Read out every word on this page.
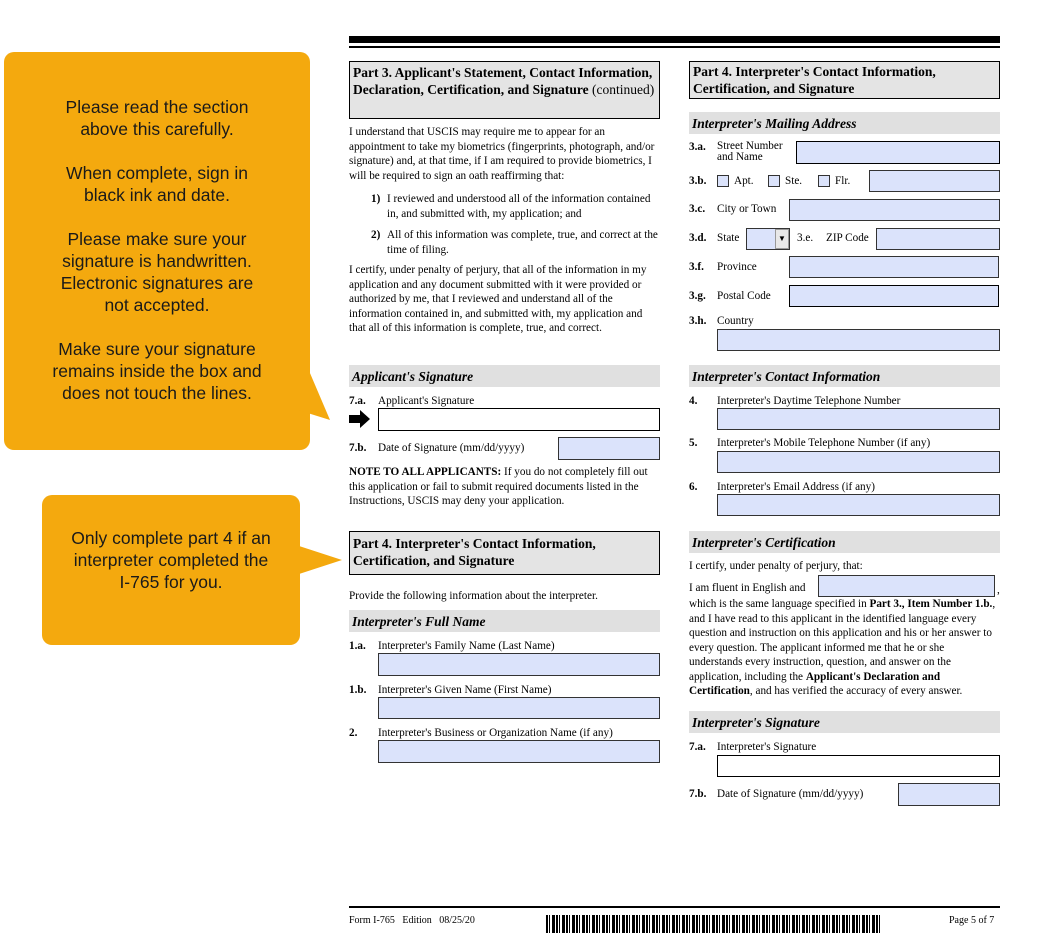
Please read the section above this carefully.
When complete, sign in black ink and date.
Please make sure your signature is handwritten. Electronic signatures are not accepted.
Make sure your signature remains inside the box and does not touch the lines.
Only complete part 4 if an interpreter completed the I-765 for you.
Part 3. Applicant's Statement, Contact Information, Declaration, Certification, and Signature (continued)
I understand that USCIS may require me to appear for an appointment to take my biometrics (fingerprints, photograph, and/or signature) and, at that time, if I am required to provide biometrics, I will be required to sign an oath reaffirming that:
1) I reviewed and understood all of the information contained in, and submitted with, my application; and
2) All of this information was complete, true, and correct at the time of filing.
I certify, under penalty of perjury, that all of the information in my application and any document submitted with it were provided or authorized by me, that I reviewed and understand all of the information contained in, and submitted with, my application and that all of this information is complete, true, and correct.
Applicant's Signature
7.a. Applicant's Signature
7.b. Date of Signature (mm/dd/yyyy)
NOTE TO ALL APPLICANTS: If you do not completely fill out this application or fail to submit required documents listed in the Instructions, USCIS may deny your application.
Part 4. Interpreter's Contact Information, Certification, and Signature
Provide the following information about the interpreter.
Interpreter's Full Name
1.a. Interpreter's Family Name (Last Name)
1.b. Interpreter's Given Name (First Name)
2. Interpreter's Business or Organization Name (if any)
Part 4. Interpreter's Contact Information, Certification, and Signature
Interpreter's Mailing Address
3.a. Street Number and Name
3.b. Apt.	Ste.	Flr.
3.c. City or Town
3.d. State	▼ 3.e. ZIP Code
3.f. Province
3.g. Postal Code
3.h. Country
Interpreter's Contact Information
4. Interpreter's Daytime Telephone Number
5. Interpreter's Mobile Telephone Number (if any)
6. Interpreter's Email Address (if any)
Interpreter's Certification
I certify, under penalty of perjury, that:
I am fluent in English and	,
which is the same language specified in Part 3., Item Number 1.b., and I have read to this applicant in the identified language every question and instruction on this application and his or her answer to every question. The applicant informed me that he or she understands every instruction, question, and answer on the application, including the Applicant's Declaration and Certification, and has verified the accuracy of every answer.
Interpreter's Signature
7.a. Interpreter's Signature
7.b. Date of Signature (mm/dd/yyyy)
Form I-765   Edition   08/25/20	Page 5 of 7
